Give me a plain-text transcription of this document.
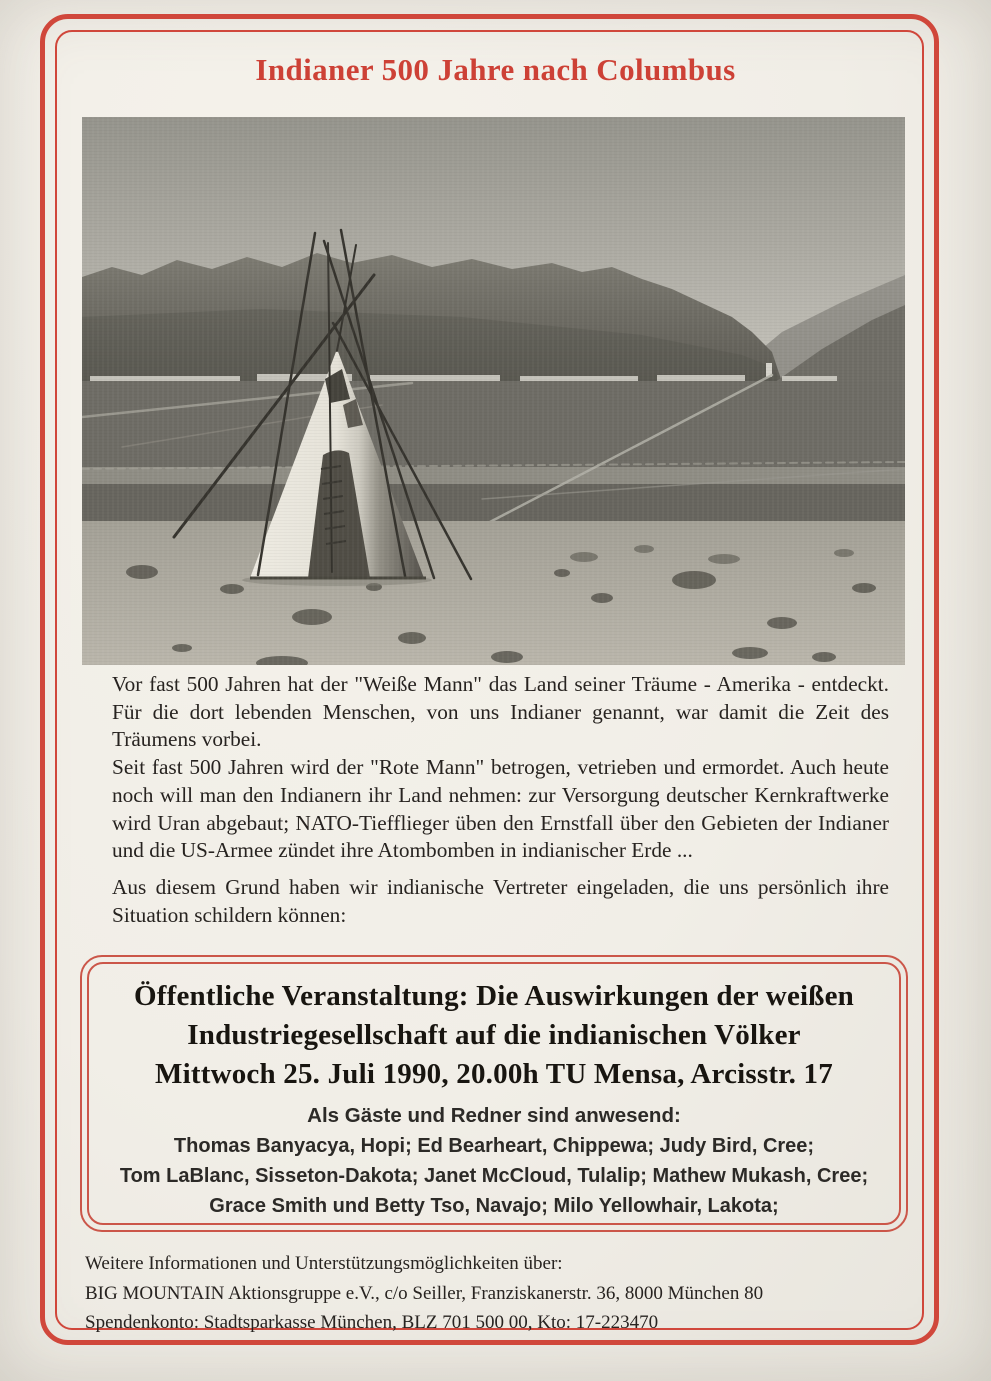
Indianer 500 Jahre nach Columbus

Vor fast 500 Jahren hat der "Weiße Mann" das Land seiner Träume - Amerika - entdeckt. Für die dort lebenden Menschen, von uns Indianer genannt, war damit die Zeit des Träumens vorbei.

Seit fast 500 Jahren wird der "Rote Mann" betrogen, vetrieben und ermordet. Auch heute noch will man den Indianern ihr Land nehmen: zur Versorgung deutscher Kernkraftwerke wird Uran abgebaut; NATO-Tiefflieger üben den Ernstfall über den Gebieten der Indianer und die US-Armee zündet ihre Atombomben in indianischer Erde ...

Aus diesem Grund haben wir indianische Vertreter eingeladen, die uns persönlich ihre Situation schildern können:

Öffentliche Veranstaltung: Die Auswirkungen der weißen
Industriegesellschaft auf die indianischen Völker
Mittwoch 25. Juli 1990, 20.00h TU Mensa, Arcisstr. 17
Als Gäste und Redner sind anwesend:
Thomas Banyacya, Hopi; Ed Bearheart, Chippewa; Judy Bird, Cree;
Tom LaBlanc, Sisseton-Dakota; Janet McCloud, Tulalip; Mathew Mukash, Cree;
Grace Smith und Betty Tso, Navajo; Milo Yellowhair, Lakota;
Weitere Informationen und Unterstützungsmöglichkeiten über:
BIG MOUNTAIN Aktionsgruppe e.V., c/o Seiller, Franziskanerstr. 36, 8000 München 80
Spendenkonto: Stadtsparkasse München, BLZ 701 500 00, Kto: 17-223470
